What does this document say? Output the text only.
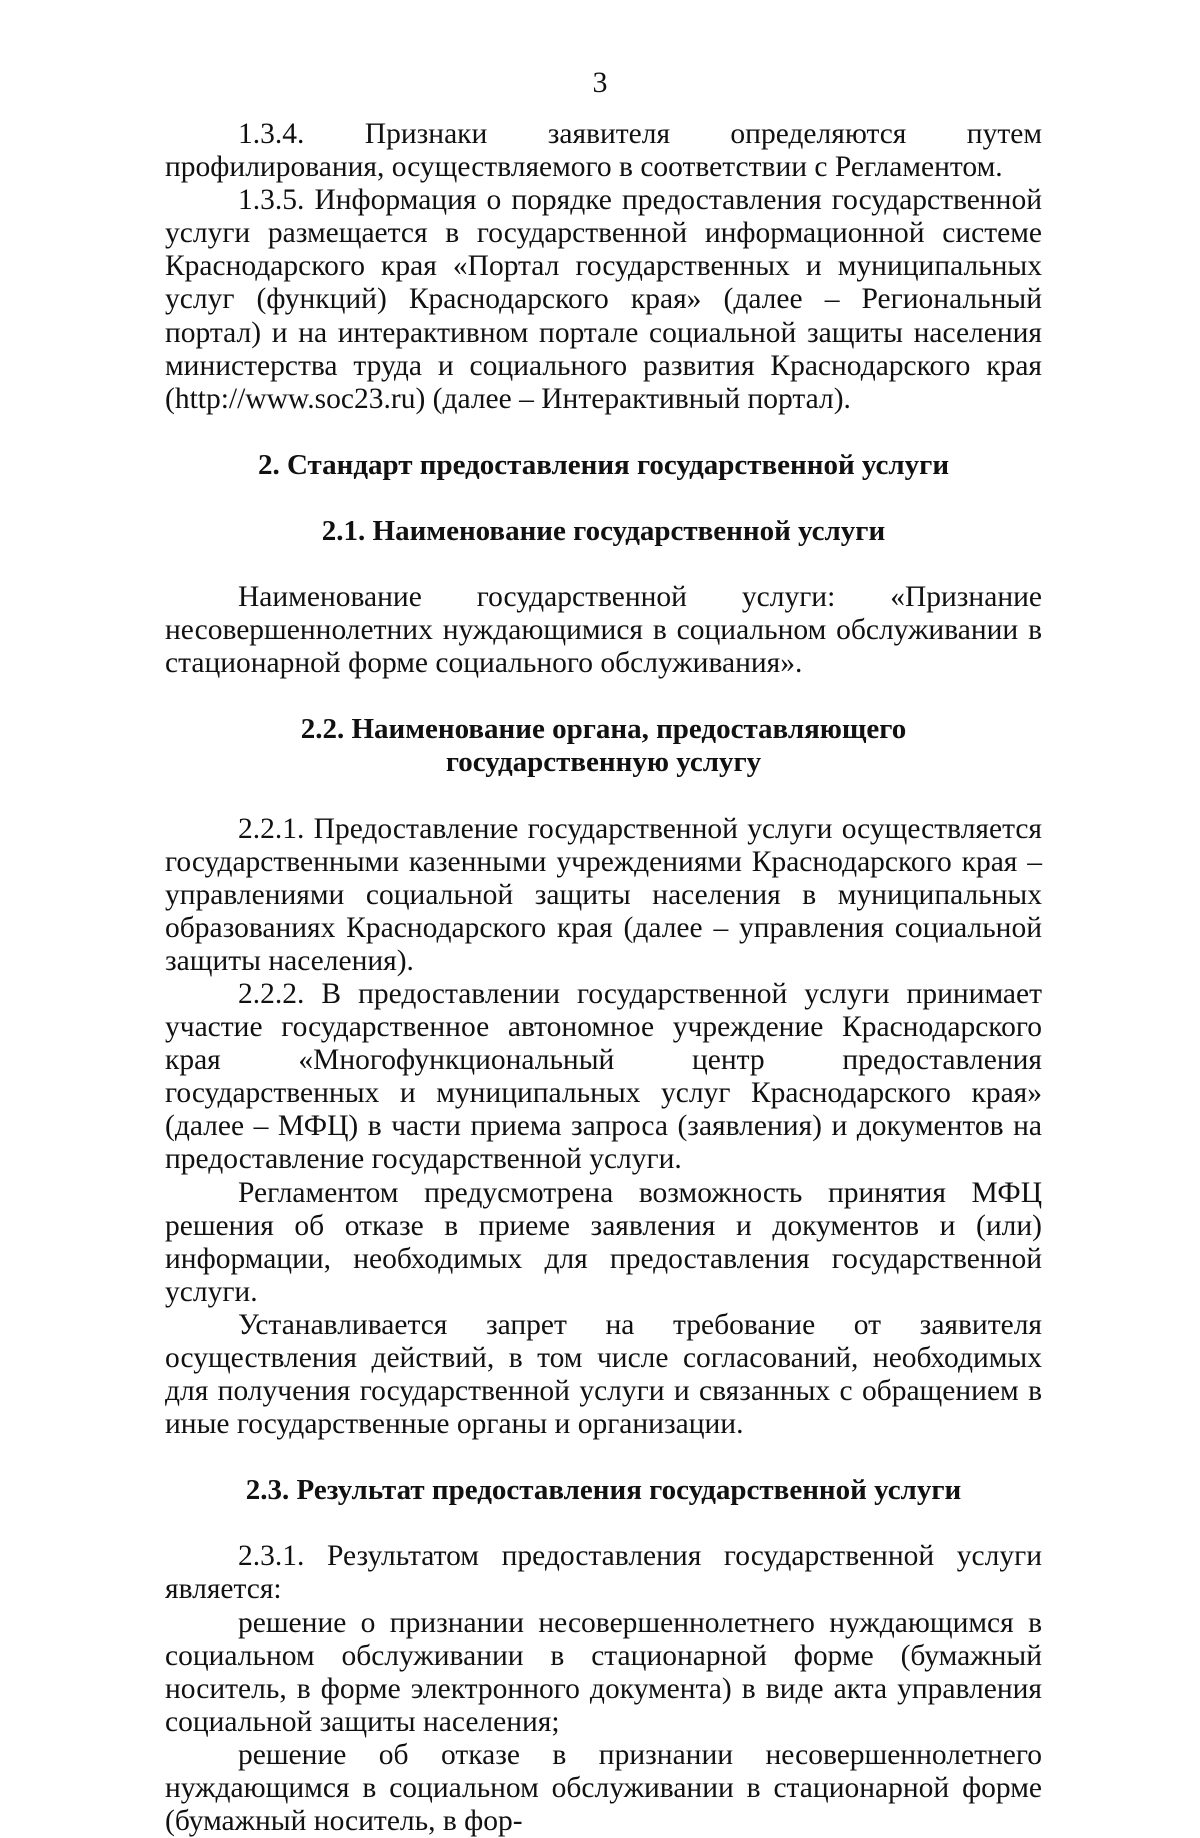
3

1.3.4. Признаки заявителя определяются путем профилирования, осуществляемого в соответствии с Регламентом.

1.3.5. Информация о порядке предоставления государственной услуги размещается в государственной информационной системе Краснодарского края «Портал государственных и муниципальных услуг (функций) Краснодарского края» (далее – Региональный портал) и на интерактивном портале социальной защиты населения министерства труда и социального развития Краснодарского края (http://www.soc23.ru) (далее – Интерактивный портал).

2. Стандарт предоставления государственной услуги
2.1. Наименование государственной услуги

Наименование государственной услуги: «Признание несовершеннолетних нуждающимися в социальном обслуживании в стационарной форме социального обслуживания».

2.2. Наименование органа, предоставляющего
государственную услугу

2.2.1. Предоставление государственной услуги осуществляется государственными казенными учреждениями Краснодарского края – управлениями социальной защиты населения в муниципальных образованиях Краснодарского края (далее – управления социальной защиты населения).

2.2.2. В предоставлении государственной услуги принимает участие государственное автономное учреждение Краснодарского края «Многофункциональный центр предоставления государственных и муниципальных услуг Краснодарского края» (далее – МФЦ) в части приема запроса (заявления) и документов на предоставление государственной услуги.

Регламентом предусмотрена возможность принятия МФЦ решения об отказе в приеме заявления и документов и (или) информации, необходимых для предоставления государственной услуги.

Устанавливается запрет на требование от заявителя осуществления действий, в том числе согласований, необходимых для получения государственной услуги и связанных с обращением в иные государственные органы и организации.

2.3. Результат предоставления государственной услуги

2.3.1. Результатом предоставления государственной услуги является:

решение о признании несовершеннолетнего нуждающимся в социальном обслуживании в стационарной форме (бумажный носитель, в форме электронного документа) в виде акта управления социальной защиты населения;

решение об отказе в признании несовершеннолетнего нуждающимся в социальном обслуживании в стационарной форме (бумажный носитель, в фор-
